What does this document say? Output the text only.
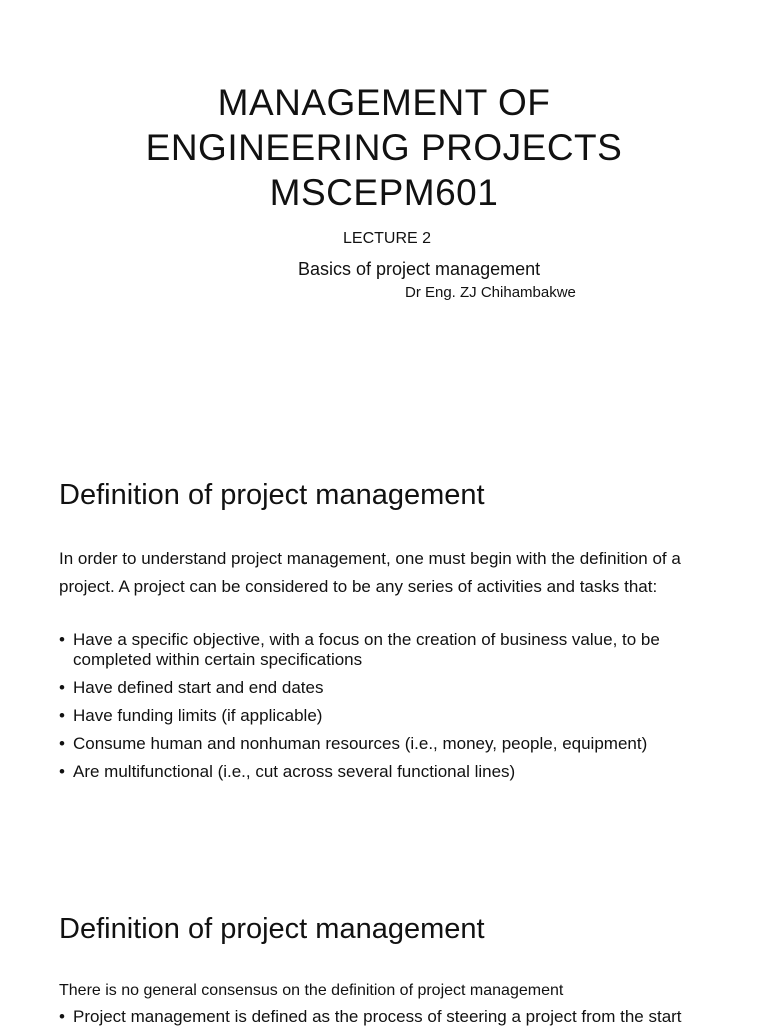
MANAGEMENT OF
ENGINEERING PROJECTS
MSCEPM601
LECTURE 2
Basics of project management
Dr Eng. ZJ Chihambakwe
Definition of project management

In order to understand project management, one must begin with the definition of a project. A project can be considered to be any series of activities and tasks that:

• Have a specific objective, with a focus on the creation of business value, to be completed within certain specifications
• Have defined start and end dates
• Have funding limits (if applicable)
• Consume human and nonhuman resources (i.e., money, people, equipment)
• Are multifunctional (i.e., cut across several functional lines)
Definition of project management

There is no general consensus on the definition of project management

• Project management is defined as the process of steering a project from the start
